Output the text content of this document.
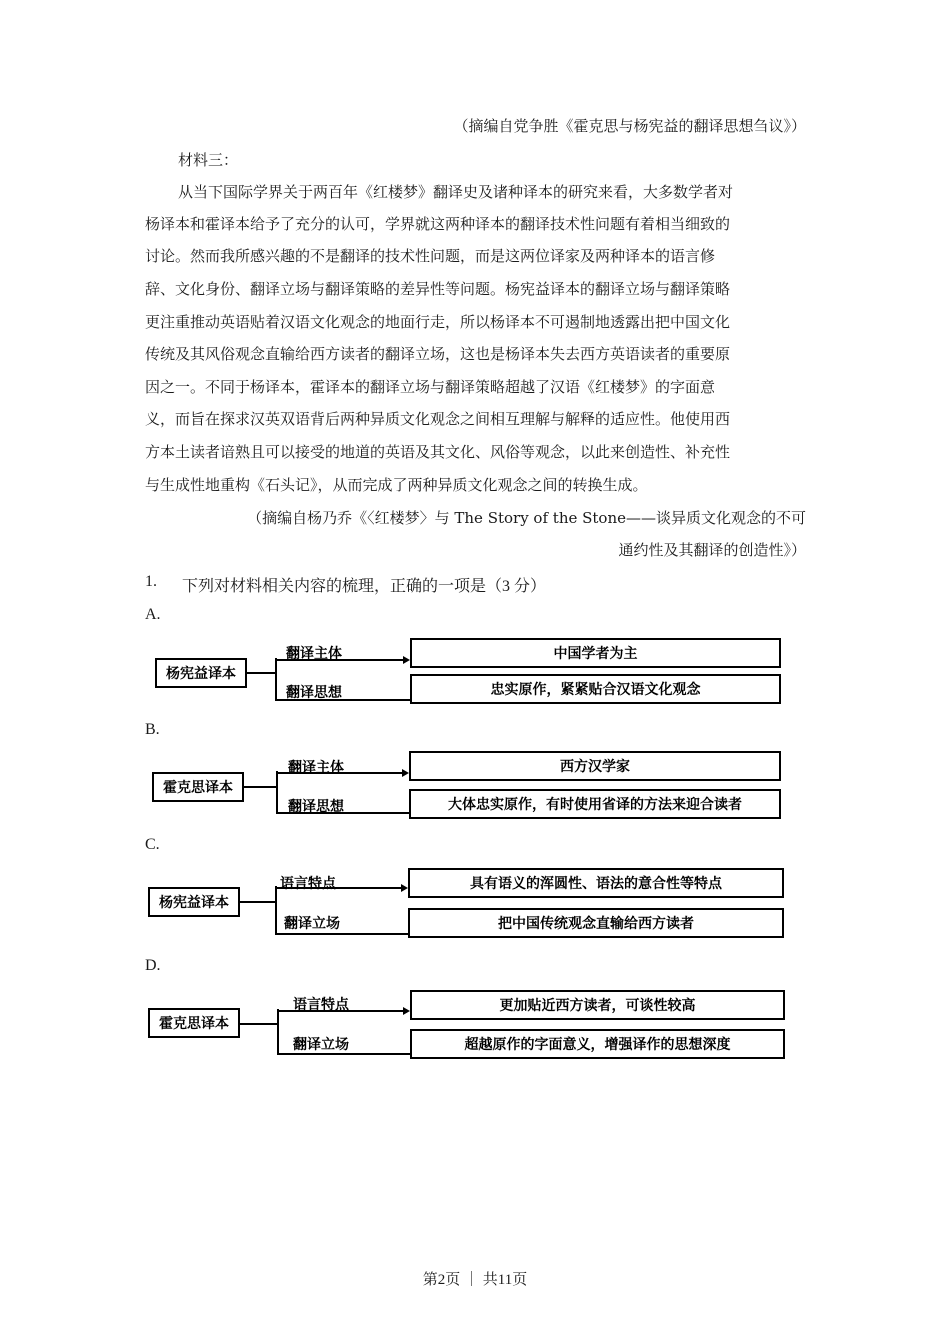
（摘编自党争胜《霍克思与杨宪益的翻译思想刍议》）
材料三：
从当下国际学界关于两百年《红楼梦》翻译史及诸种译本的研究来看，大多数学者对
杨译本和霍译本给予了充分的认可，学界就这两种译本的翻译技术性问题有着相当细致的
讨论。然而我所感兴趣的不是翻译的技术性问题，而是这两位译家及两种译本的语言修
辞、文化身份、翻译立场与翻译策略的差异性等问题。杨宪益译本的翻译立场与翻译策略
更注重推动英语贴着汉语文化观念的地面行走，所以杨译本不可遏制地透露出把中国文化
传统及其风俗观念直输给西方读者的翻译立场，这也是杨译本失去西方英语读者的重要原
因之一。不同于杨译本，霍译本的翻译立场与翻译策略超越了汉语《红楼梦》的字面意
义，而旨在探求汉英双语背后两种异质文化观念之间相互理解与解释的适应性。他使用西
方本土读者谙熟且可以接受的地道的英语及其文化、风俗等观念，以此来创造性、补充性
与生成性地重构《石头记》，从而完成了两种异质文化观念之间的转换生成。
（摘编自杨乃乔《〈红楼梦〉与 The Story of the Stone——谈异质文化观念的不可
通约性及其翻译的创造性》）
1. 下列对材料相关内容的梳理，正确的一项是（3 分）
A.
杨宪益译本
翻译主体
翻译思想
中国学者为主
忠实原作，紧紧贴合汉语文化观念
B.
霍克思译本
翻译主体
翻译思想
西方汉学家
大体忠实原作，有时使用省译的方法来迎合读者
C.
杨宪益译本
语言特点
翻译立场
具有语义的浑圆性、语法的意合性等特点
把中国传统观念直输给西方读者
D.
霍克思译本
语言特点
翻译立场
更加贴近西方读者，可谈性较高
超越原作的字面意义，增强译作的思想深度
第2页 ｜ 共11页
